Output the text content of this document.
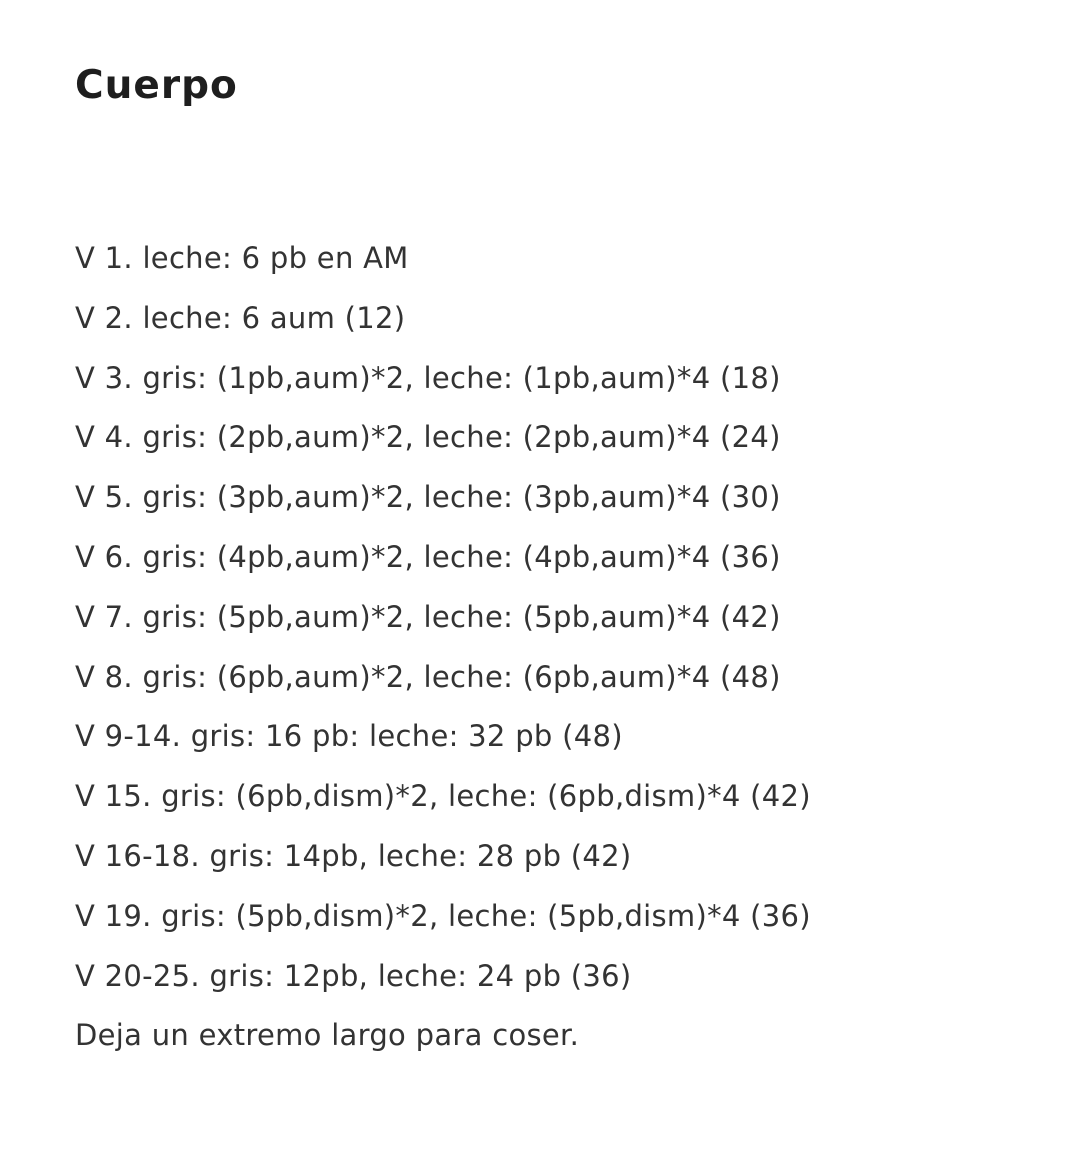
Cuerpo
V 1. leche: 6 pb en AM
V 2. leche: 6 aum (12)
V 3. gris: (1pb,aum)*2, leche: (1pb,aum)*4 (18)
V 4. gris: (2pb,aum)*2, leche: (2pb,aum)*4 (24)
V 5. gris: (3pb,aum)*2, leche: (3pb,aum)*4 (30)
V 6. gris: (4pb,aum)*2, leche: (4pb,aum)*4 (36)
V 7. gris: (5pb,aum)*2, leche: (5pb,aum)*4 (42)
V 8. gris: (6pb,aum)*2, leche: (6pb,aum)*4 (48)
V 9-14. gris: 16 pb: leche: 32 pb (48)
V 15. gris: (6pb,dism)*2, leche: (6pb,dism)*4 (42)
V 16-18. gris: 14pb, leche: 28 pb (42)
V 19. gris: (5pb,dism)*2, leche: (5pb,dism)*4 (36)
V 20-25. gris: 12pb, leche: 24 pb (36)
Deja un extremo largo para coser.
